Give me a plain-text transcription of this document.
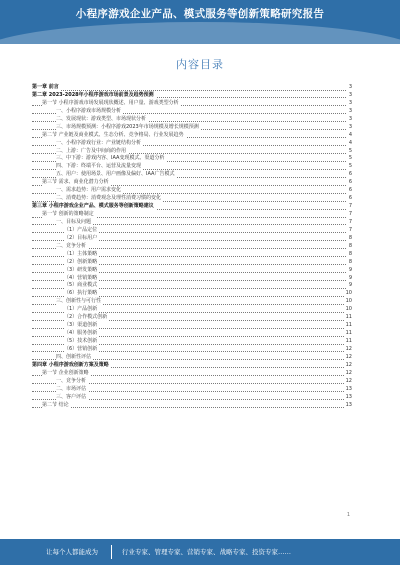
小程序游戏企业产品、模式服务等创新策略研究报告
内容目录
第一章 前言	3
第二章 2023-2028年小程序游戏市场前景及趋势预测	3
第一节 小程序游戏市场发展现状概述、用户量、游戏类型分析	3
一、小程序游戏市场规模分析	3
二、发展现状：游戏类型、市场现状分析	3
三、市场规模预测：小程序游戏2023年市场规模及增长规模预测	3
第二节 产业链及商业模式、生态分析、竞争格局、行业发展趋势	4
一、小程序游戏行业：产业链结构分析	4
二、上游：广告及中间商的作用	5
三、中下游：游戏内容、IAA变现模式、渠道分析	5
四、下游：终端平台、运营及流量变现	5
五、用户：使用场景、用户画像及偏好、IAA广告模式	6
第三节 需求、商业化潜力分析	6
一、需求趋势：用户需求变化	6
二、消费趋势：消费观念及理性消费习惯的变化	6
第三章 小程序游戏企业产品、模式服务等创新策略建议	7
第一节 创新的策略制定	7
一、目标及问题	7
（1）产品定位	7
（2）目标用户	8
二、竞争分析	8
（1）主体策略	8
（2）创新策略	8
（3）研发策略	9
（4）营销策略	9
（5）商业模式	9
（6）执行策略	10
三、创新性与可行性	10
（1）产品创新	10
（2）合作模式创新	11
（3）渠道创新	11
（4）服务创新	11
（5）技术创新	11
（6）营销创新	12
四、创新性评估	12
第四章 小程序游戏创新方案及策略	12
第一节 企业创新策略	12
一、竞争分析	12
二、市场评估	13
三、客户评估	13
第二节 结论	13
1
让每个人都能成为	行业专家、管理专家、营销专家、战略专家、投资专家……
